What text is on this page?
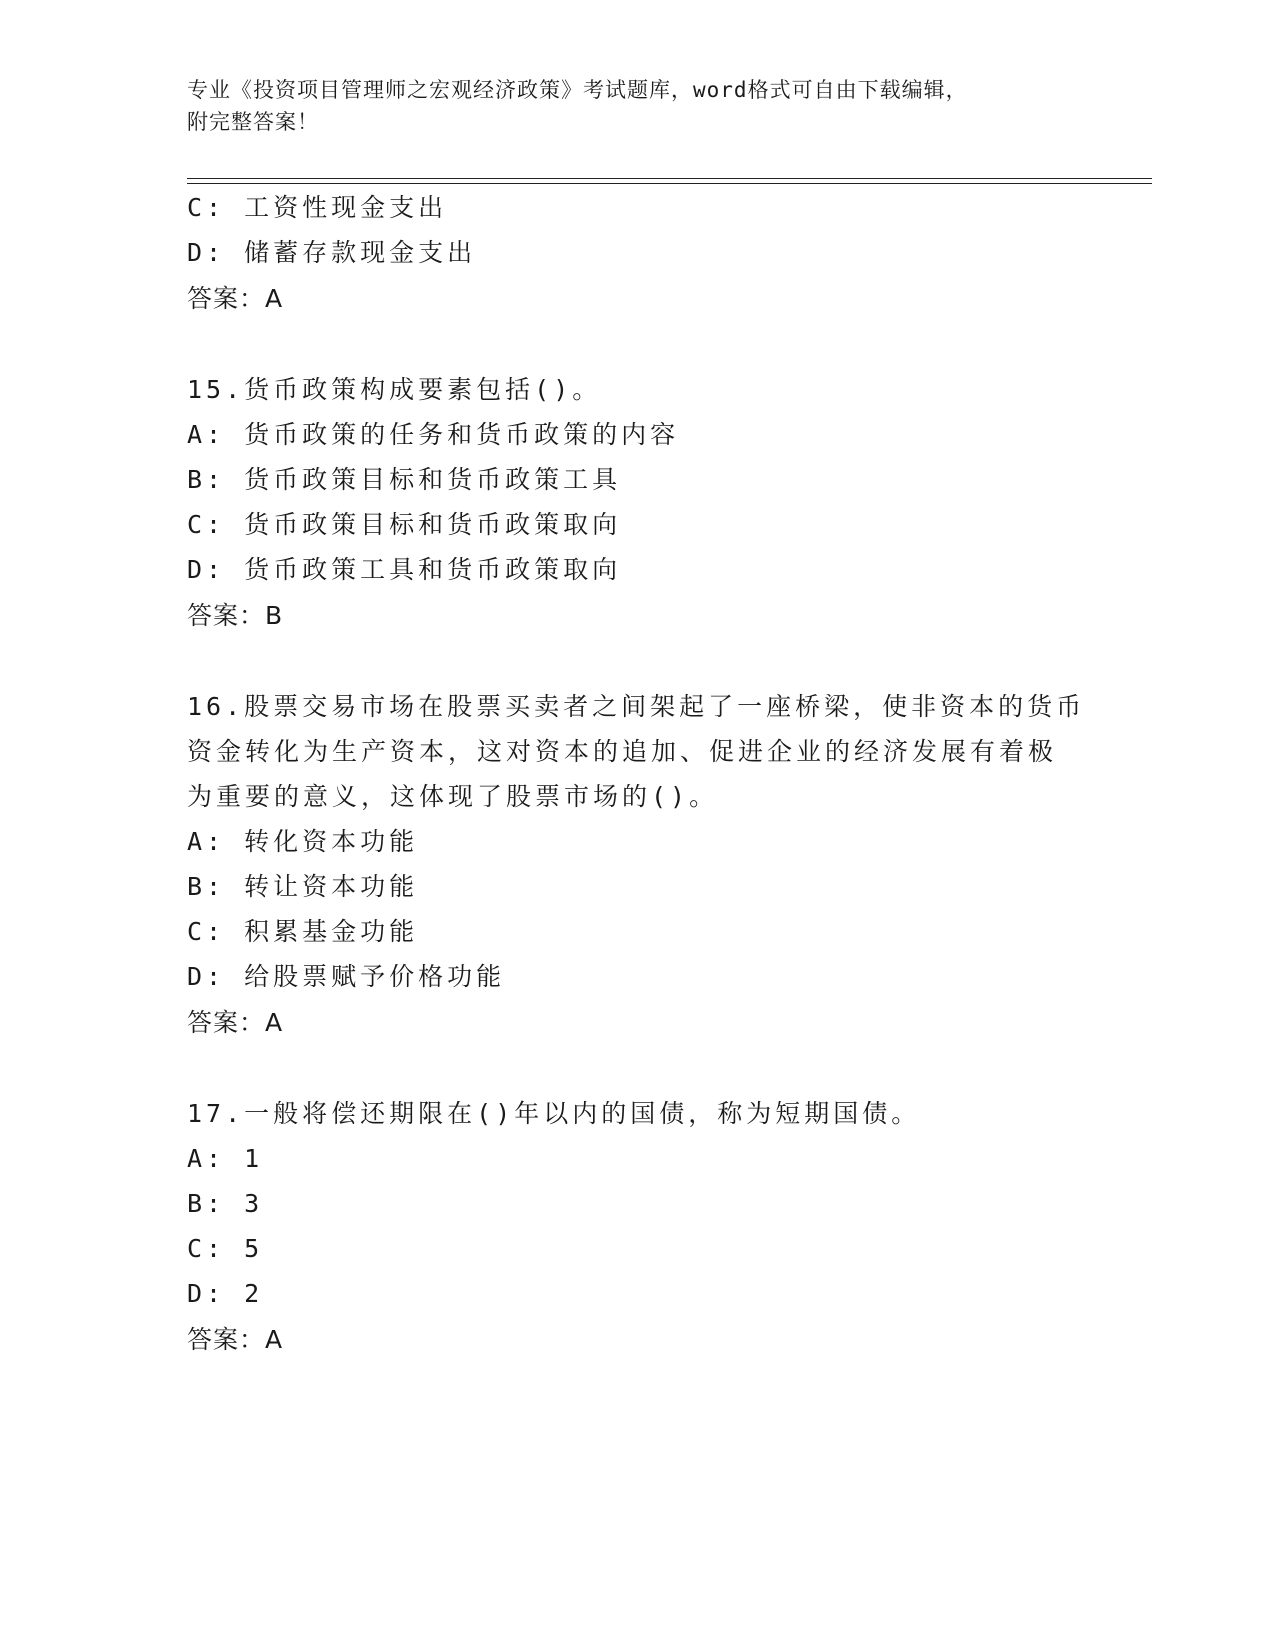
专业《投资项目管理师之宏观经济政策》考试题库，word格式可自由下载编辑，
附完整答案！
C: 工资性现金支出
D: 储蓄存款现金支出
答案：A
15.货币政策构成要素包括()。
A: 货币政策的任务和货币政策的内容
B: 货币政策目标和货币政策工具
C: 货币政策目标和货币政策取向
D: 货币政策工具和货币政策取向
答案：B
16.股票交易市场在股票买卖者之间架起了一座桥梁，使非资本的货币
资金转化为生产资本，这对资本的追加、促进企业的经济发展有着极
为重要的意义，这体现了股票市场的()。
A: 转化资本功能
B: 转让资本功能
C: 积累基金功能
D: 给股票赋予价格功能
答案：A
17.一般将偿还期限在()年以内的国债，称为短期国债。
A: 1
B: 3
C: 5
D: 2
答案：A
